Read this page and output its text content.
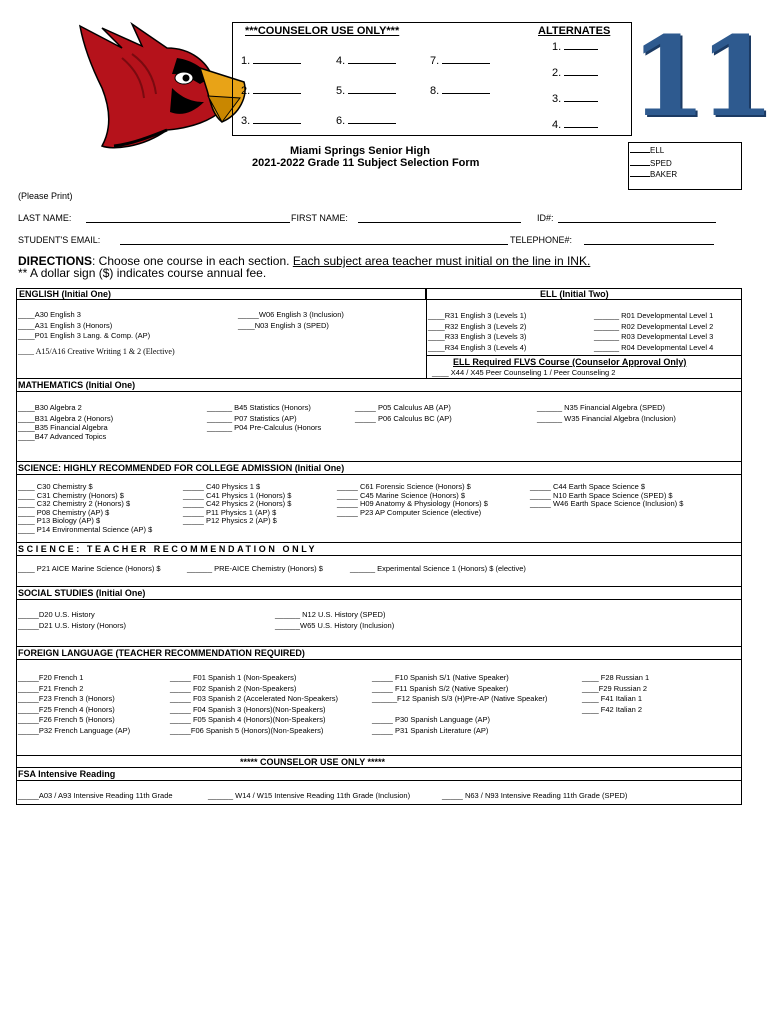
***COUNSELOR USE ONLY***	ALTERNATES
1.
2.
3.
4.
5.
6.
7.
8.
1.
2.
3.
4. 11
Miami Springs Senior High
2021-2022 Grade 11 Subject Selection Form
ELL
SPED
BAKER
(Please Print)
LAST NAME:	FIRST NAME:	ID#:
STUDENT'S EMAIL:	TELEPHONE#:
DIRECTIONS: Choose one course in each section. Each subject area teacher must initial on the line in INK.
** A dollar sign ($) indicates course annual fee.
ENGLISH (Initial One)	ELL (Initial Two)
____A30 English 3
____A31 English 3 (Honors)
____P01 English 3 Lang. & Comp. (AP)
_____W06 English 3 (Inclusion)
____N03 English 3 (SPED)
____ A15/A16 Creative Writing 1 & 2 (Elective)
____R31 English 3 (Levels 1)
____R32 English 3 (Levels 2)
____R33 English 3 (Levels 3)
____R34 English 3 (Levels 4)
______ R01 Developmental Level 1
______ R02 Developmental Level 2
______ R03 Developmental Level 3
______ R04 Developmental Level 4
ELL Required FLVS Course (Counselor Approval Only)
____ X44 / X45 Peer Counseling 1 / Peer Counseling 2
MATHEMATICS (Initial One)
____B30 Algebra 2
____B31 Algebra 2 (Honors)
____B35 Financial Algebra
____B47 Advanced Topics
______ B45 Statistics (Honors)
______ P07 Statistics (AP)
______ P04 Pre-Calculus (Honors
_____ P05 Calculus AB (AP)
_____ P06 Calculus BC (AP)
______ N35 Financial Algebra (SPED)
______ W35 Financial Algebra (Inclusion)
SCIENCE: HIGHLY RECOMMENDED FOR COLLEGE ADMISSION (Initial One)
____ C30 Chemistry $
____ C31 Chemistry (Honors) $
____ C32 Chemistry 2 (Honors) $
____ P08 Chemistry (AP) $
____ P13 Biology (AP) $
____ P14 Environmental Science (AP) $
_____ C40 Physics 1 $
_____ C41 Physics 1 (Honors) $
_____ C42 Physics 2 (Honors) $
_____ P11 Physics 1 (AP) $
_____ P12 Physics 2 (AP) $
_____ C61 Forensic Science (Honors) $
_____ C45 Marine Science (Honors) $
_____ H09 Anatomy & Physiology (Honors) $
_____ P23 AP Computer Science (elective)
_____ C44 Earth Space Science $
_____ N10 Earth Space Science (SPED) $
_____ W46 Earth Space Science (Inclusion) $
SCIENCE: TEACHER RECOMMENDATION ONLY
____ P21 AICE Marine Science (Honors) $	______ PRE-AICE Chemistry (Honors) $	______ Experimental Science 1 (Honors) $ (elective)
SOCIAL STUDIES (Initial One)
_____D20 U.S. History
_____D21 U.S. History (Honors)
______ N12 U.S. History (SPED)
______W65 U.S. History (Inclusion)
FOREIGN LANGUAGE (TEACHER RECOMMENDATION REQUIRED)
_____F20 French 1
_____F21 French 2
_____F23 French 3 (Honors)
_____F25 French 4 (Honors)
_____F26 French 5 (Honors)
_____P32 French Language (AP)
_____ F01 Spanish 1 (Non-Speakers)
_____ F02 Spanish 2 (Non-Speakers)
_____ F03 Spanish 2 (Accelerated Non-Speakers)
_____ F04 Spanish 3 (Honors)(Non-Speakers)
_____ F05 Spanish 4 (Honors)(Non-Speakers)
_____F06 Spanish 5 (Honors)(Non-Speakers)
_____ F10 Spanish S/1 (Native Speaker)
_____ F11 Spanish S/2 (Native Speaker)
______F12 Spanish S/3 (H)Pre-AP (Native Speaker)
_____ P30 Spanish Language (AP)
_____ P31 Spanish Literature (AP)
____ F28 Russian 1
____F29 Russian 2
____ F41 Italian 1
____ F42 Italian 2
***** COUNSELOR USE ONLY *****
FSA Intensive Reading
_____A03 / A93 Intensive Reading 11th Grade	______ W14 / W15 Intensive Reading 11th Grade (Inclusion)	_____ N63 / N93 Intensive Reading 11th Grade (SPED)
